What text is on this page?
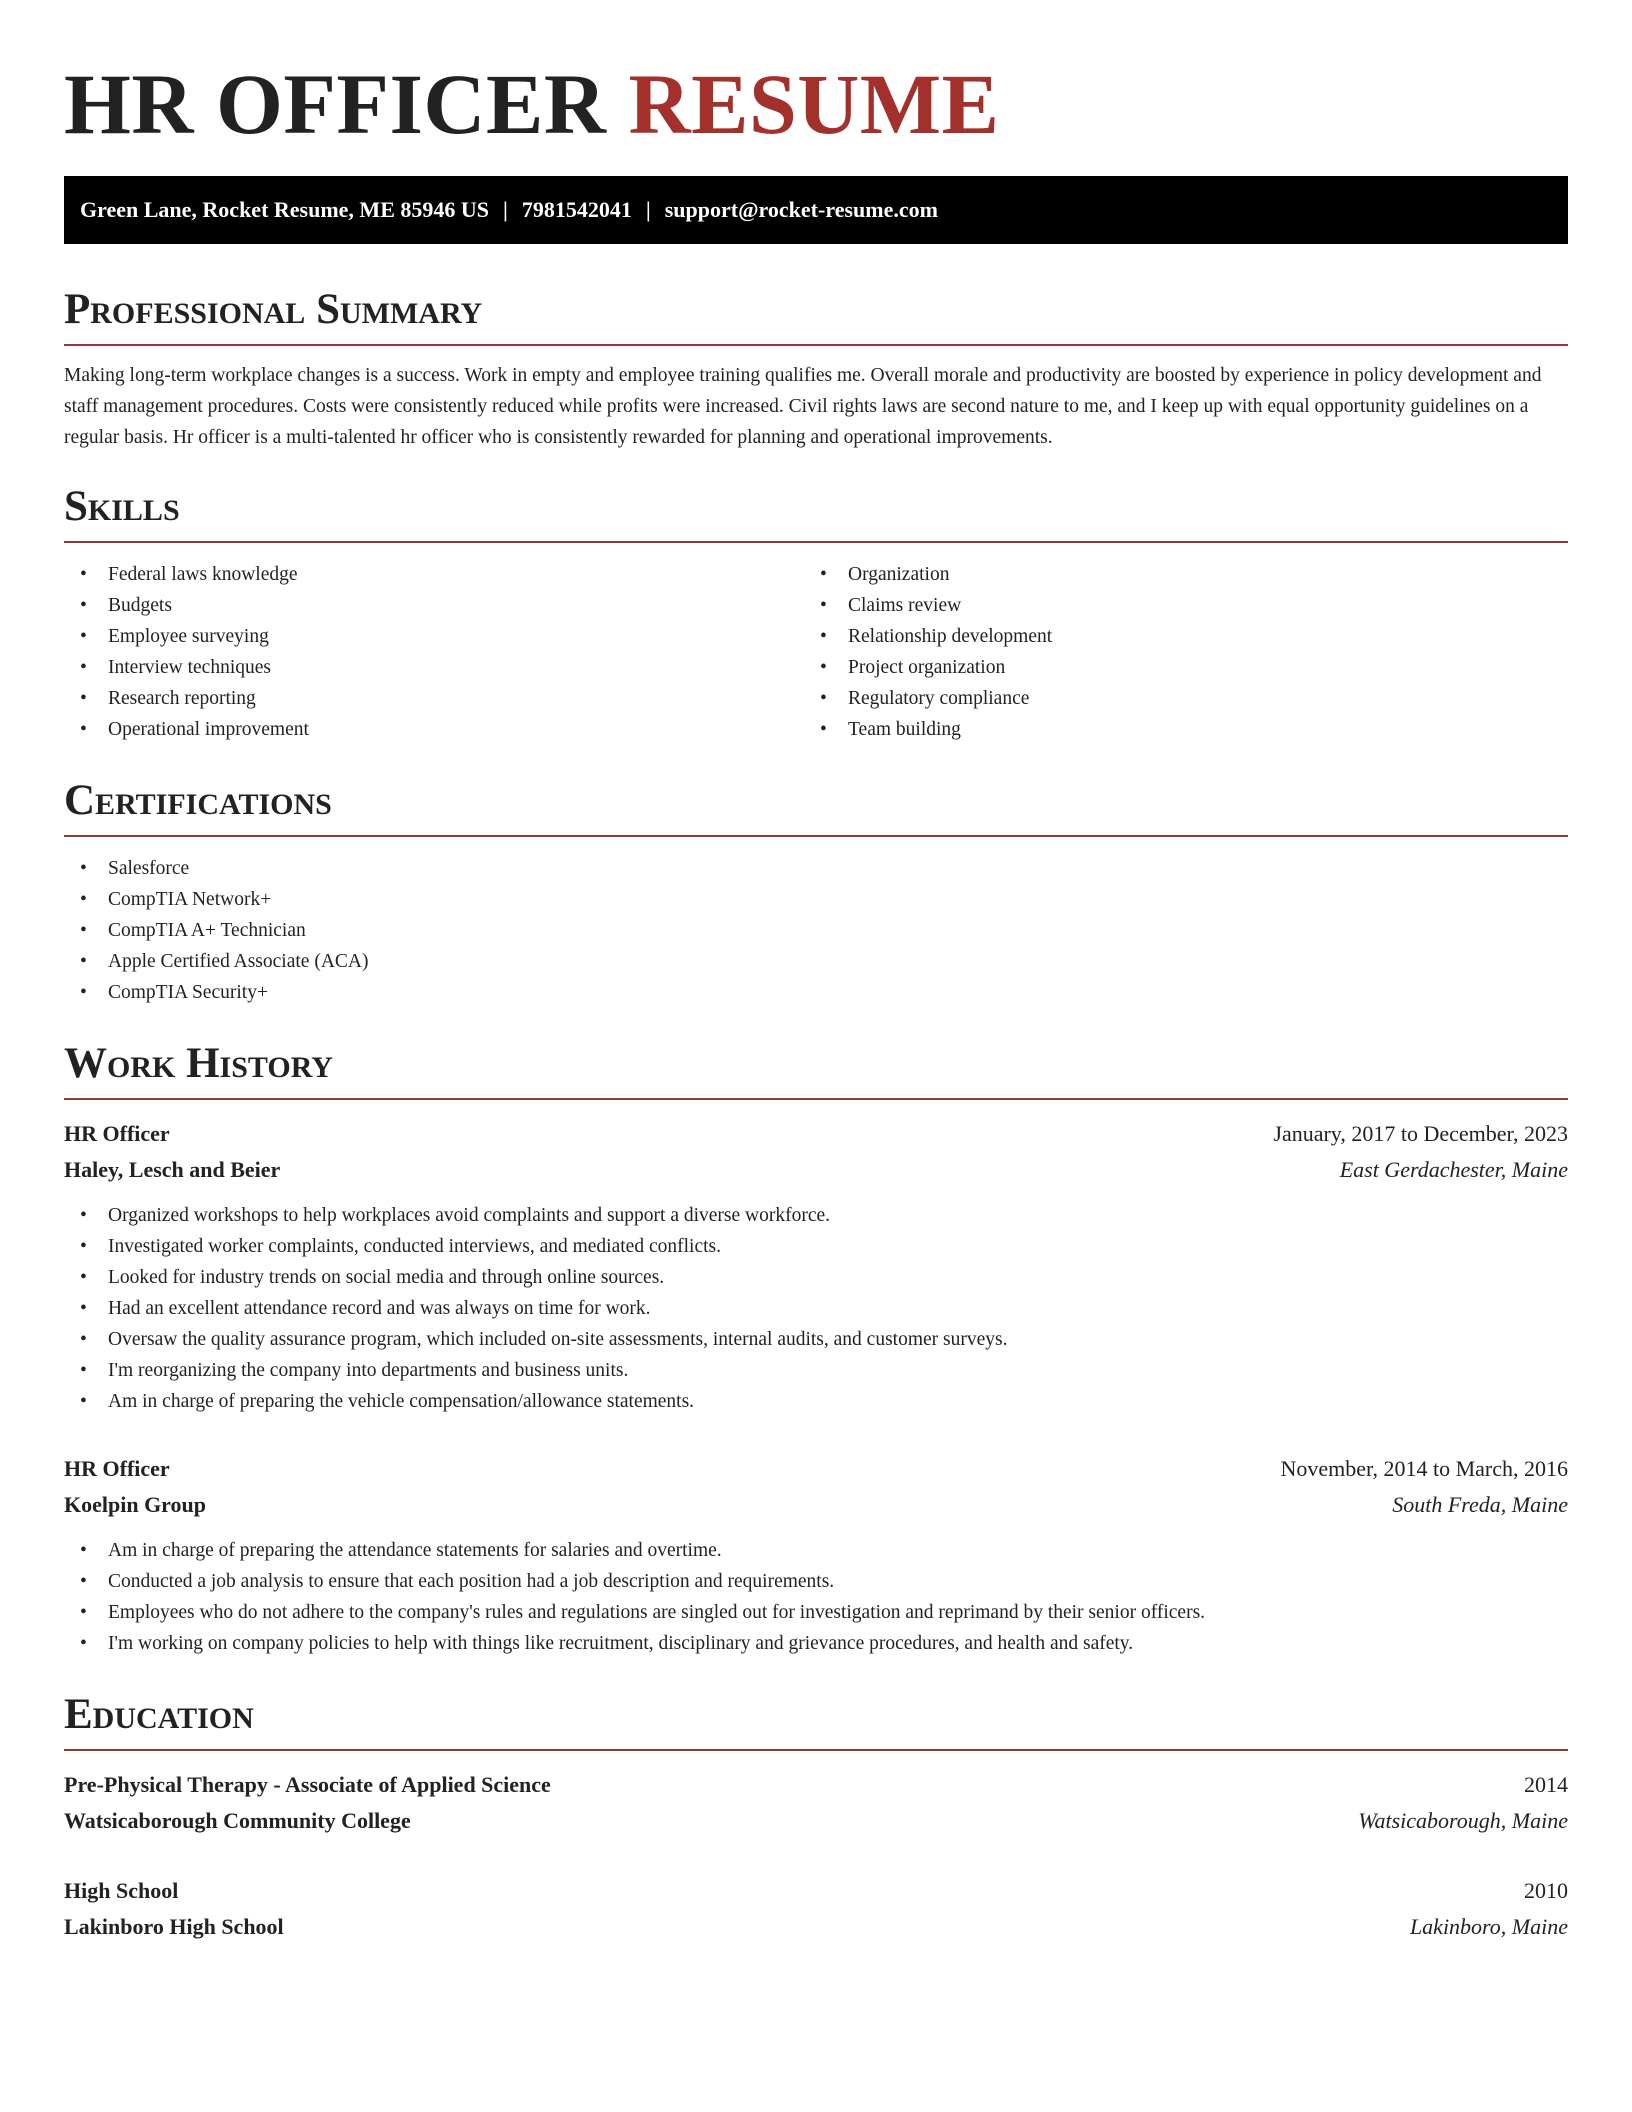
HR OFFICER RESUME
Green Lane, Rocket Resume, ME 85946 US | 7981542041 | support@rocket-resume.com
Professional Summary

Making long-term workplace changes is a success. Work in empty and employee training qualifies me. Overall morale and productivity are boosted by experience in policy development and staff management procedures. Costs were consistently reduced while profits were increased. Civil rights laws are second nature to me, and I keep up with equal opportunity guidelines on a regular basis. Hr officer is a multi-talented hr officer who is consistently rewarded for planning and operational improvements.

Skills
• Federal laws knowledge
• Budgets
• Employee surveying
• Interview techniques
• Research reporting
• Operational improvement
• Organization
• Claims review
• Relationship development
• Project organization
• Regulatory compliance
• Team building
Certifications
• Salesforce
• CompTIA Network+
• CompTIA A+ Technician
• Apple Certified Associate (ACA)
• CompTIA Security+
Work History
HR Officer	January, 2017 to December, 2023
Haley, Lesch and Beier	East Gerdachester, Maine
• Organized workshops to help workplaces avoid complaints and support a diverse workforce.
• Investigated worker complaints, conducted interviews, and mediated conflicts.
• Looked for industry trends on social media and through online sources.
• Had an excellent attendance record and was always on time for work.
• Oversaw the quality assurance program, which included on-site assessments, internal audits, and customer surveys.
• I'm reorganizing the company into departments and business units.
• Am in charge of preparing the vehicle compensation/allowance statements.
HR Officer	November, 2014 to March, 2016
Koelpin Group	South Freda, Maine
• Am in charge of preparing the attendance statements for salaries and overtime.
• Conducted a job analysis to ensure that each position had a job description and requirements.
• Employees who do not adhere to the company's rules and regulations are singled out for investigation and reprimand by their senior officers.
• I'm working on company policies to help with things like recruitment, disciplinary and grievance procedures, and health and safety.
Education
Pre-Physical Therapy - Associate of Applied Science	2014
Watsicaborough Community College	Watsicaborough, Maine
High School	2010
Lakinboro High School	Lakinboro, Maine
